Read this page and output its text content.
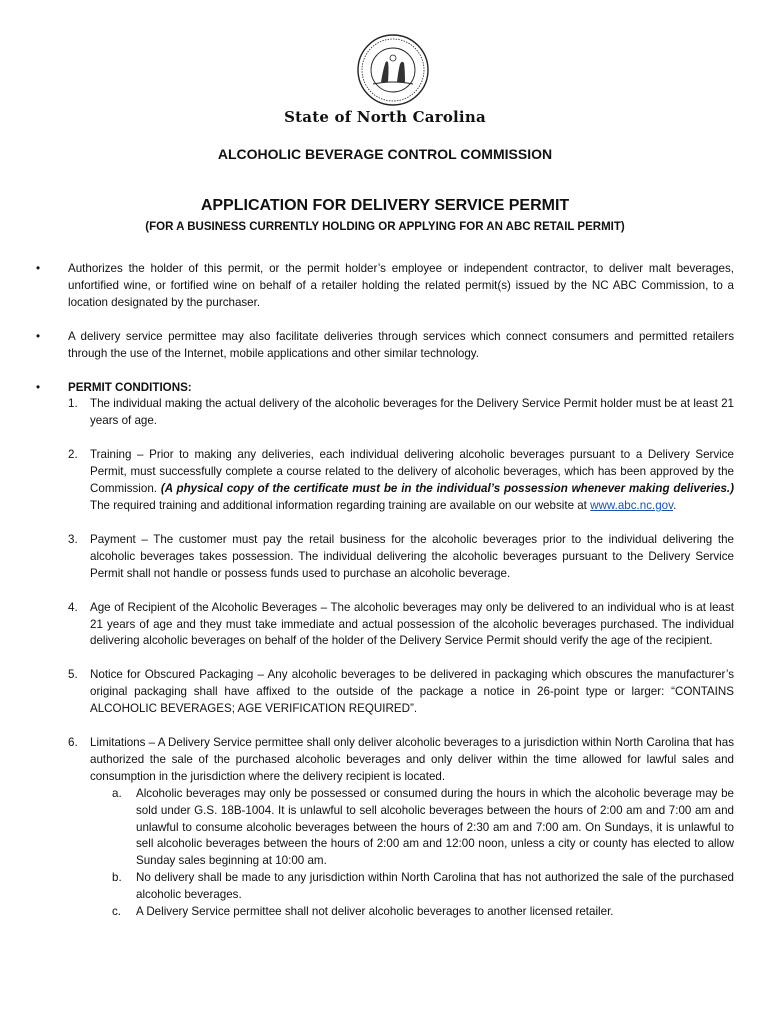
State of North Carolina
ALCOHOLIC BEVERAGE CONTROL COMMISSION
APPLICATION FOR DELIVERY SERVICE PERMIT
(FOR A BUSINESS CURRENTLY HOLDING OR APPLYING FOR AN ABC RETAIL PERMIT)
• Authorizes the holder of this permit, or the permit holder’s employee or independent contractor, to deliver malt beverages, unfortified wine, or fortified wine on behalf of a retailer holding the related permit(s) issued by the NC ABC Commission, to a location designated by the purchaser.
• A delivery service permittee may also facilitate deliveries through services which connect consumers and permitted retailers through the use of the Internet, mobile applications and other similar technology.
• PERMIT CONDITIONS:
1. The individual making the actual delivery of the alcoholic beverages for the Delivery Service Permit holder must be at least 21 years of age.
2. Training – Prior to making any deliveries, each individual delivering alcoholic beverages pursuant to a Delivery Service Permit, must successfully complete a course related to the delivery of alcoholic beverages, which has been approved by the Commission. (A physical copy of the certificate must be in the individual’s possession whenever making deliveries.) The required training and additional information regarding training are available on our website at www.abc.nc.gov.
3. Payment – The customer must pay the retail business for the alcoholic beverages prior to the individual delivering the alcoholic beverages takes possession. The individual delivering the alcoholic beverages pursuant to the Delivery Service Permit shall not handle or possess funds used to purchase an alcoholic beverage.
4. Age of Recipient of the Alcoholic Beverages – The alcoholic beverages may only be delivered to an individual who is at least 21 years of age and they must take immediate and actual possession of the alcoholic beverages purchased. The individual delivering alcoholic beverages on behalf of the holder of the Delivery Service Permit should verify the age of the recipient.
5. Notice for Obscured Packaging – Any alcoholic beverages to be delivered in packaging which obscures the manufacturer’s original packaging shall have affixed to the outside of the package a notice in 26-point type or larger: “CONTAINS ALCOHOLIC BEVERAGES; AGE VERIFICATION REQUIRED”.
6. Limitations – A Delivery Service permittee shall only deliver alcoholic beverages to a jurisdiction within North Carolina that has authorized the sale of the purchased alcoholic beverages and only deliver within the time allowed for lawful sales and consumption in the jurisdiction where the delivery recipient is located.
a. Alcoholic beverages may only be possessed or consumed during the hours in which the alcoholic beverage may be sold under G.S. 18B-1004. It is unlawful to sell alcoholic beverages between the hours of 2:00 am and 7:00 am and unlawful to consume alcoholic beverages between the hours of 2:30 am and 7:00 am. On Sundays, it is unlawful to sell alcoholic beverages between the hours of 2:00 am and 12:00 noon, unless a city or county has elected to allow Sunday sales beginning at 10:00 am.
b. No delivery shall be made to any jurisdiction within North Carolina that has not authorized the sale of the purchased alcoholic beverages.
c. A Delivery Service permittee shall not deliver alcoholic beverages to another licensed retailer.
